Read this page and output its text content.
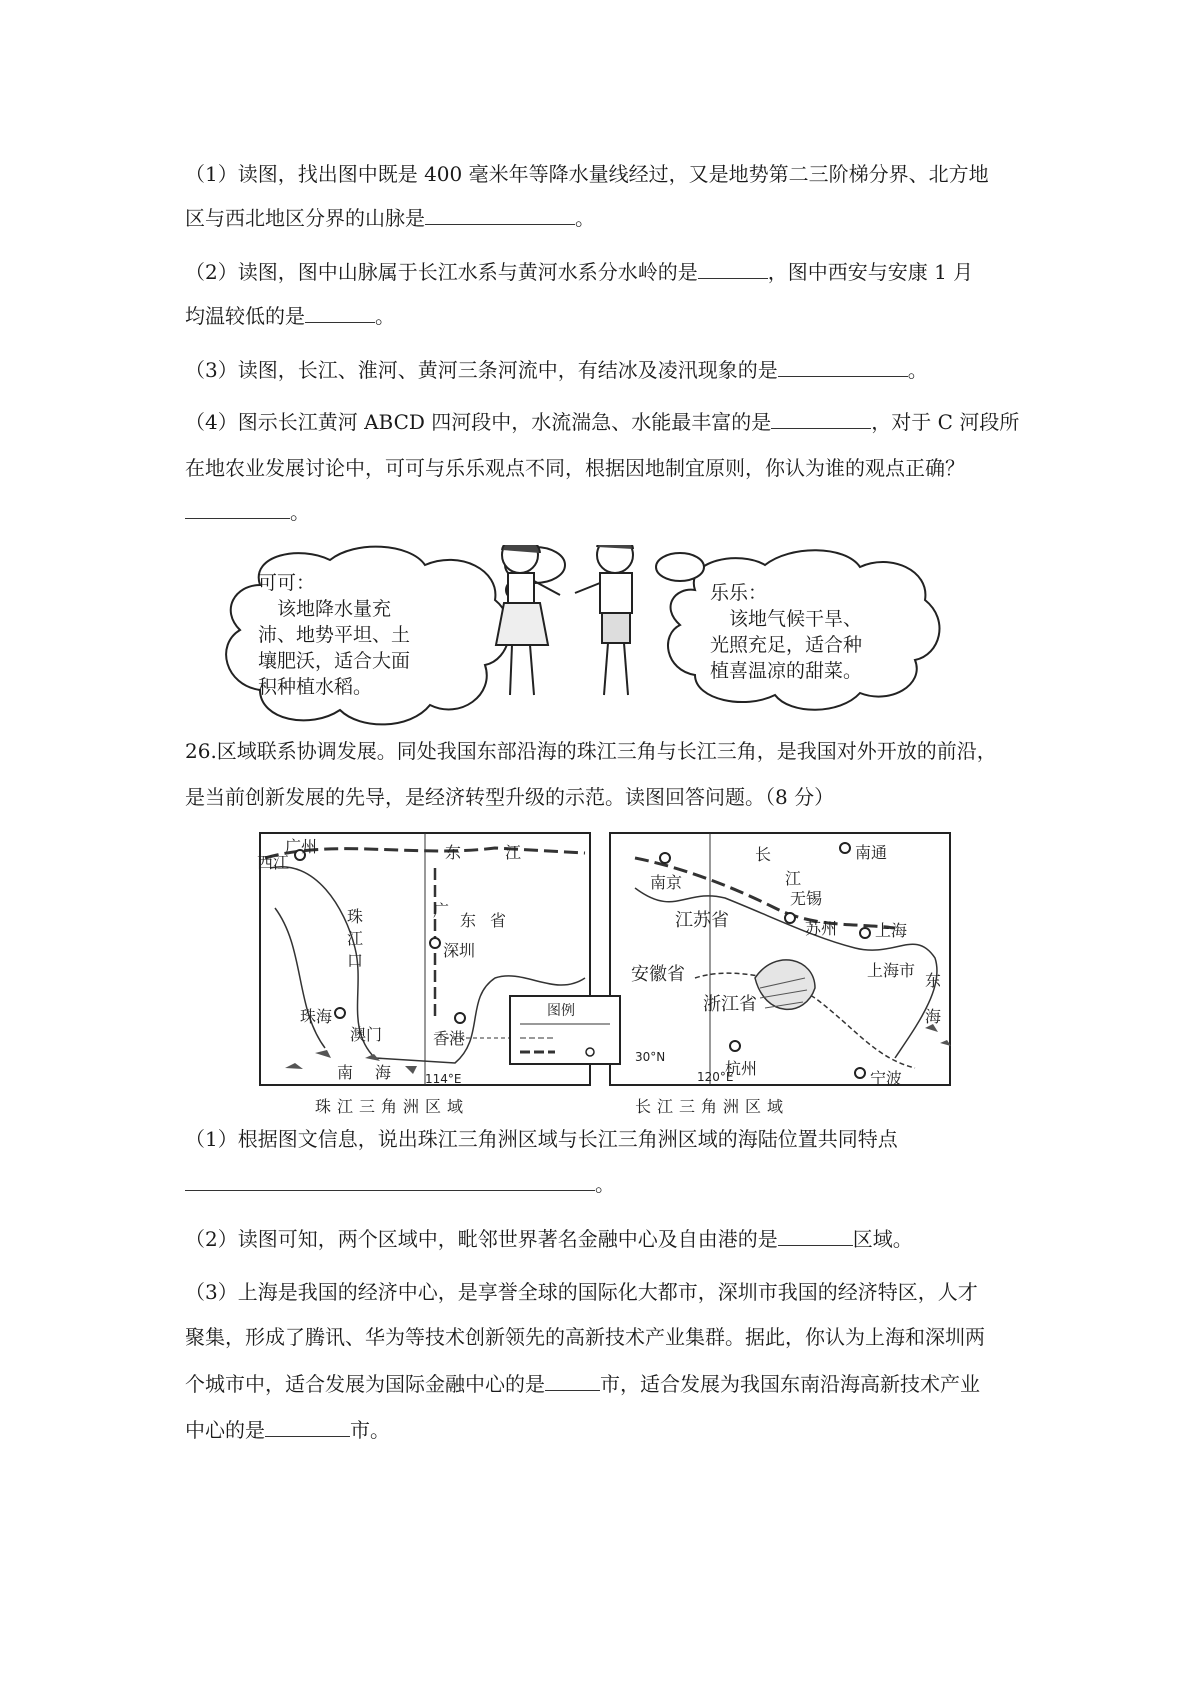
（1）读图，找出图中既是 400 毫米年等降水量线经过，又是地势第二三阶梯分界、北方地
区与西北地区分界的山脉是	。
（2）读图，图中山脉属于长江水系与黄河水系分水岭的是	，图中西安与安康 1 月
均温较低的是	。
（3）读图，长江、淮河、黄河三条河流中，有结冰及凌汛现象的是	。
（4）图示长江黄河 ABCD 四河段中，水流湍急、水能最丰富的是	，对于 C 河段所
在地农业发展讨论中，可可与乐乐观点不同，根据因地制宜原则，你认为谁的观点正确？
。
可可：
　该地降水量充
沛、地势平坦、土
壤肥沃，适合大面
积种植水稻。
乐乐：
　该地气候干旱、
光照充足，适合种
植喜温凉的甜菜。
26.区域联系协调发展。同处我国东部沿海的珠江三角与长江三角，是我国对外开放的前沿，
是当前创新发展的先导，是经济转型升级的示范。读图回答问题。（8 分）
广州
西江
东	江
广
东 省
珠
江
口
深圳
珠海
澳门	香港
南 海	114°E
南京
长
江
南通
无锡
江苏省	苏州 上海
上海市
安徽省
浙江省
杭州
宁波
东
海
30°N
120°E
图例
珠江三角洲区域	长江三角洲区域
（1）根据图文信息，说出珠江三角洲区域与长江三角洲区域的海陆位置共同特点
。
（2）读图可知，两个区域中，毗邻世界著名金融中心及自由港的是	区域。
（3）上海是我国的经济中心，是享誉全球的国际化大都市，深圳市我国的经济特区，人才
聚集，形成了腾讯、华为等技术创新领先的高新技术产业集群。据此，你认为上海和深圳两
个城市中，适合发展为国际金融中心的是	市，适合发展为我国东南沿海高新技术产业
中心的是	市。
